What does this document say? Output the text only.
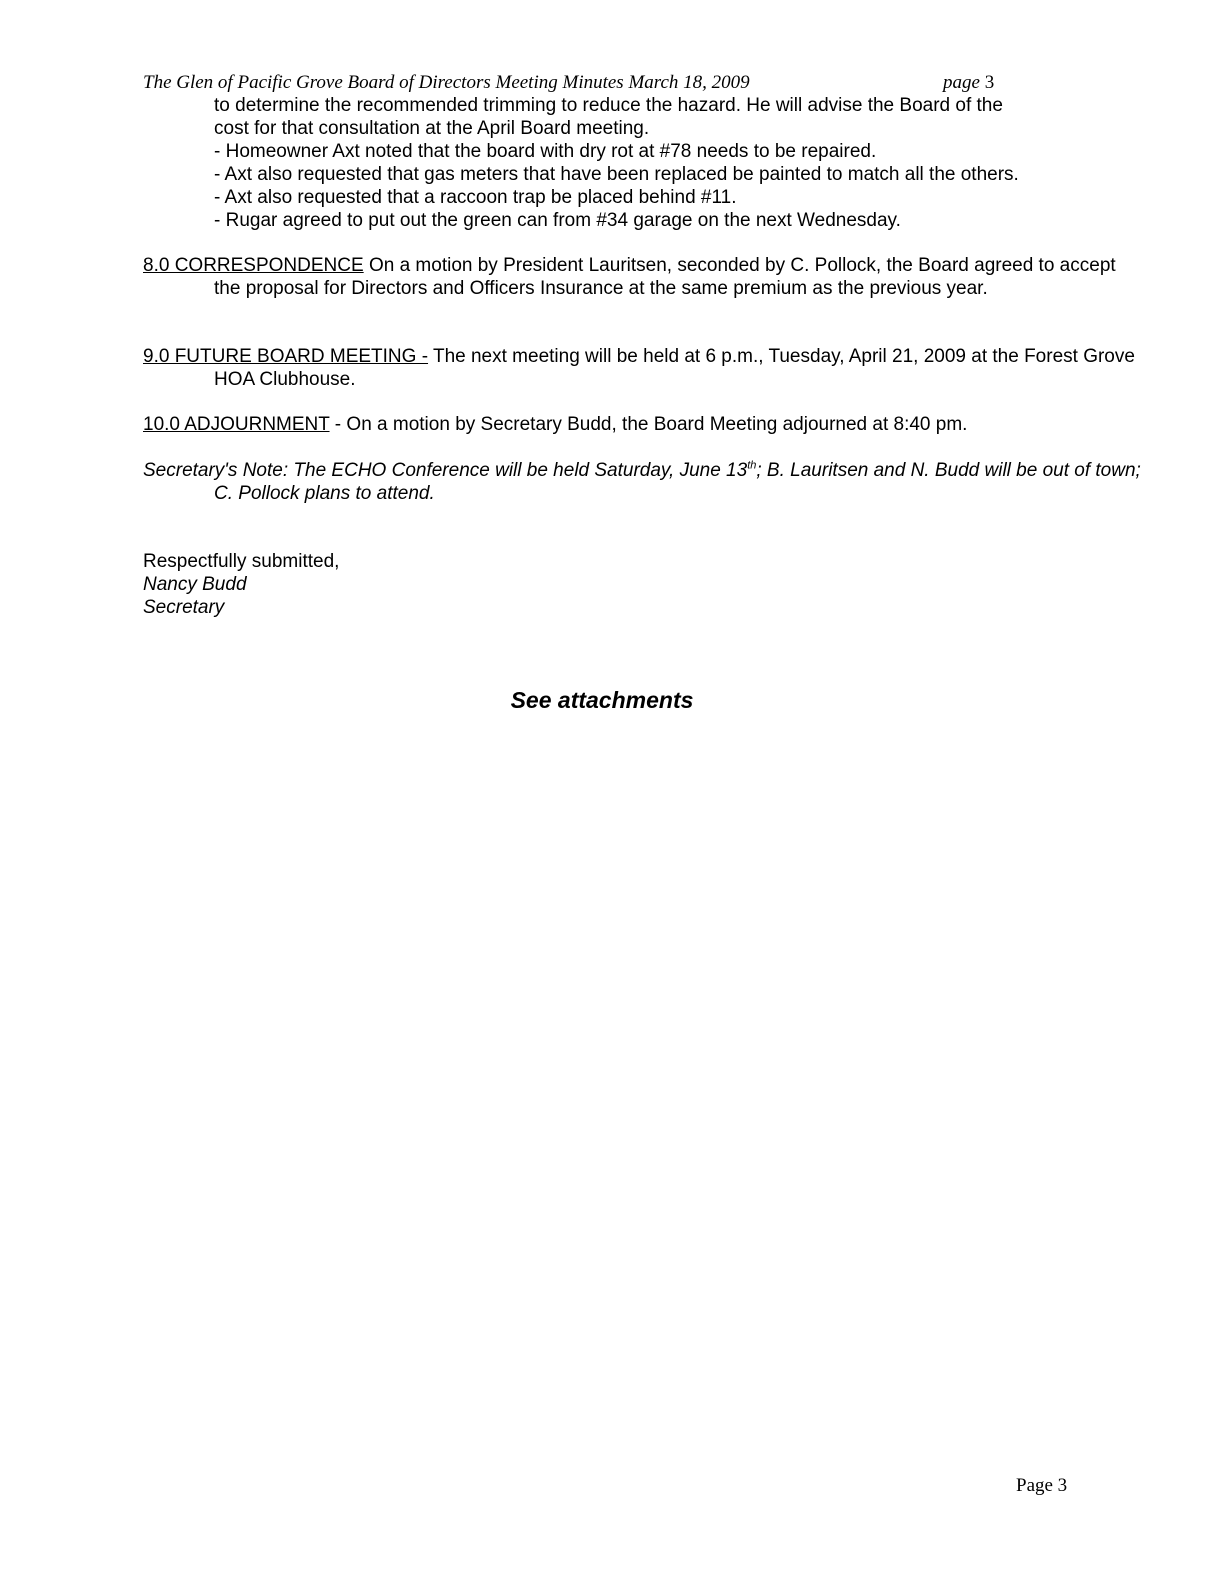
The Glen of Pacific Grove Board of Directors Meeting Minutes March 18, 2009	page 3
to determine the recommended trimming to reduce the hazard. He will advise the Board of the
cost for that consultation at the April Board meeting.
- Homeowner Axt noted that the board with dry rot at #78 needs to be repaired.
- Axt also requested that gas meters that have been replaced be painted to match all the others.
- Axt also requested that a raccoon trap be placed behind #11.
- Rugar agreed to put out the green can from #34 garage on the next Wednesday.
8.0 CORRESPONDENCE On a motion by President Lauritsen, seconded by C. Pollock, the Board agreed to accept the proposal for Directors and Officers Insurance at the same premium as the previous year.
9.0 FUTURE BOARD MEETING - The next meeting will be held at 6 p.m., Tuesday, April 21, 2009 at the Forest Grove HOA Clubhouse.
10.0 ADJOURNMENT - On a motion by Secretary Budd, the Board Meeting adjourned at 8:40 pm.
Secretary's Note: The ECHO Conference will be held Saturday, June 13th; B. Lauritsen and N. Budd will be out of town; C. Pollock plans to attend.
Respectfully submitted,
Nancy Budd
Secretary
See attachments
Page 3
